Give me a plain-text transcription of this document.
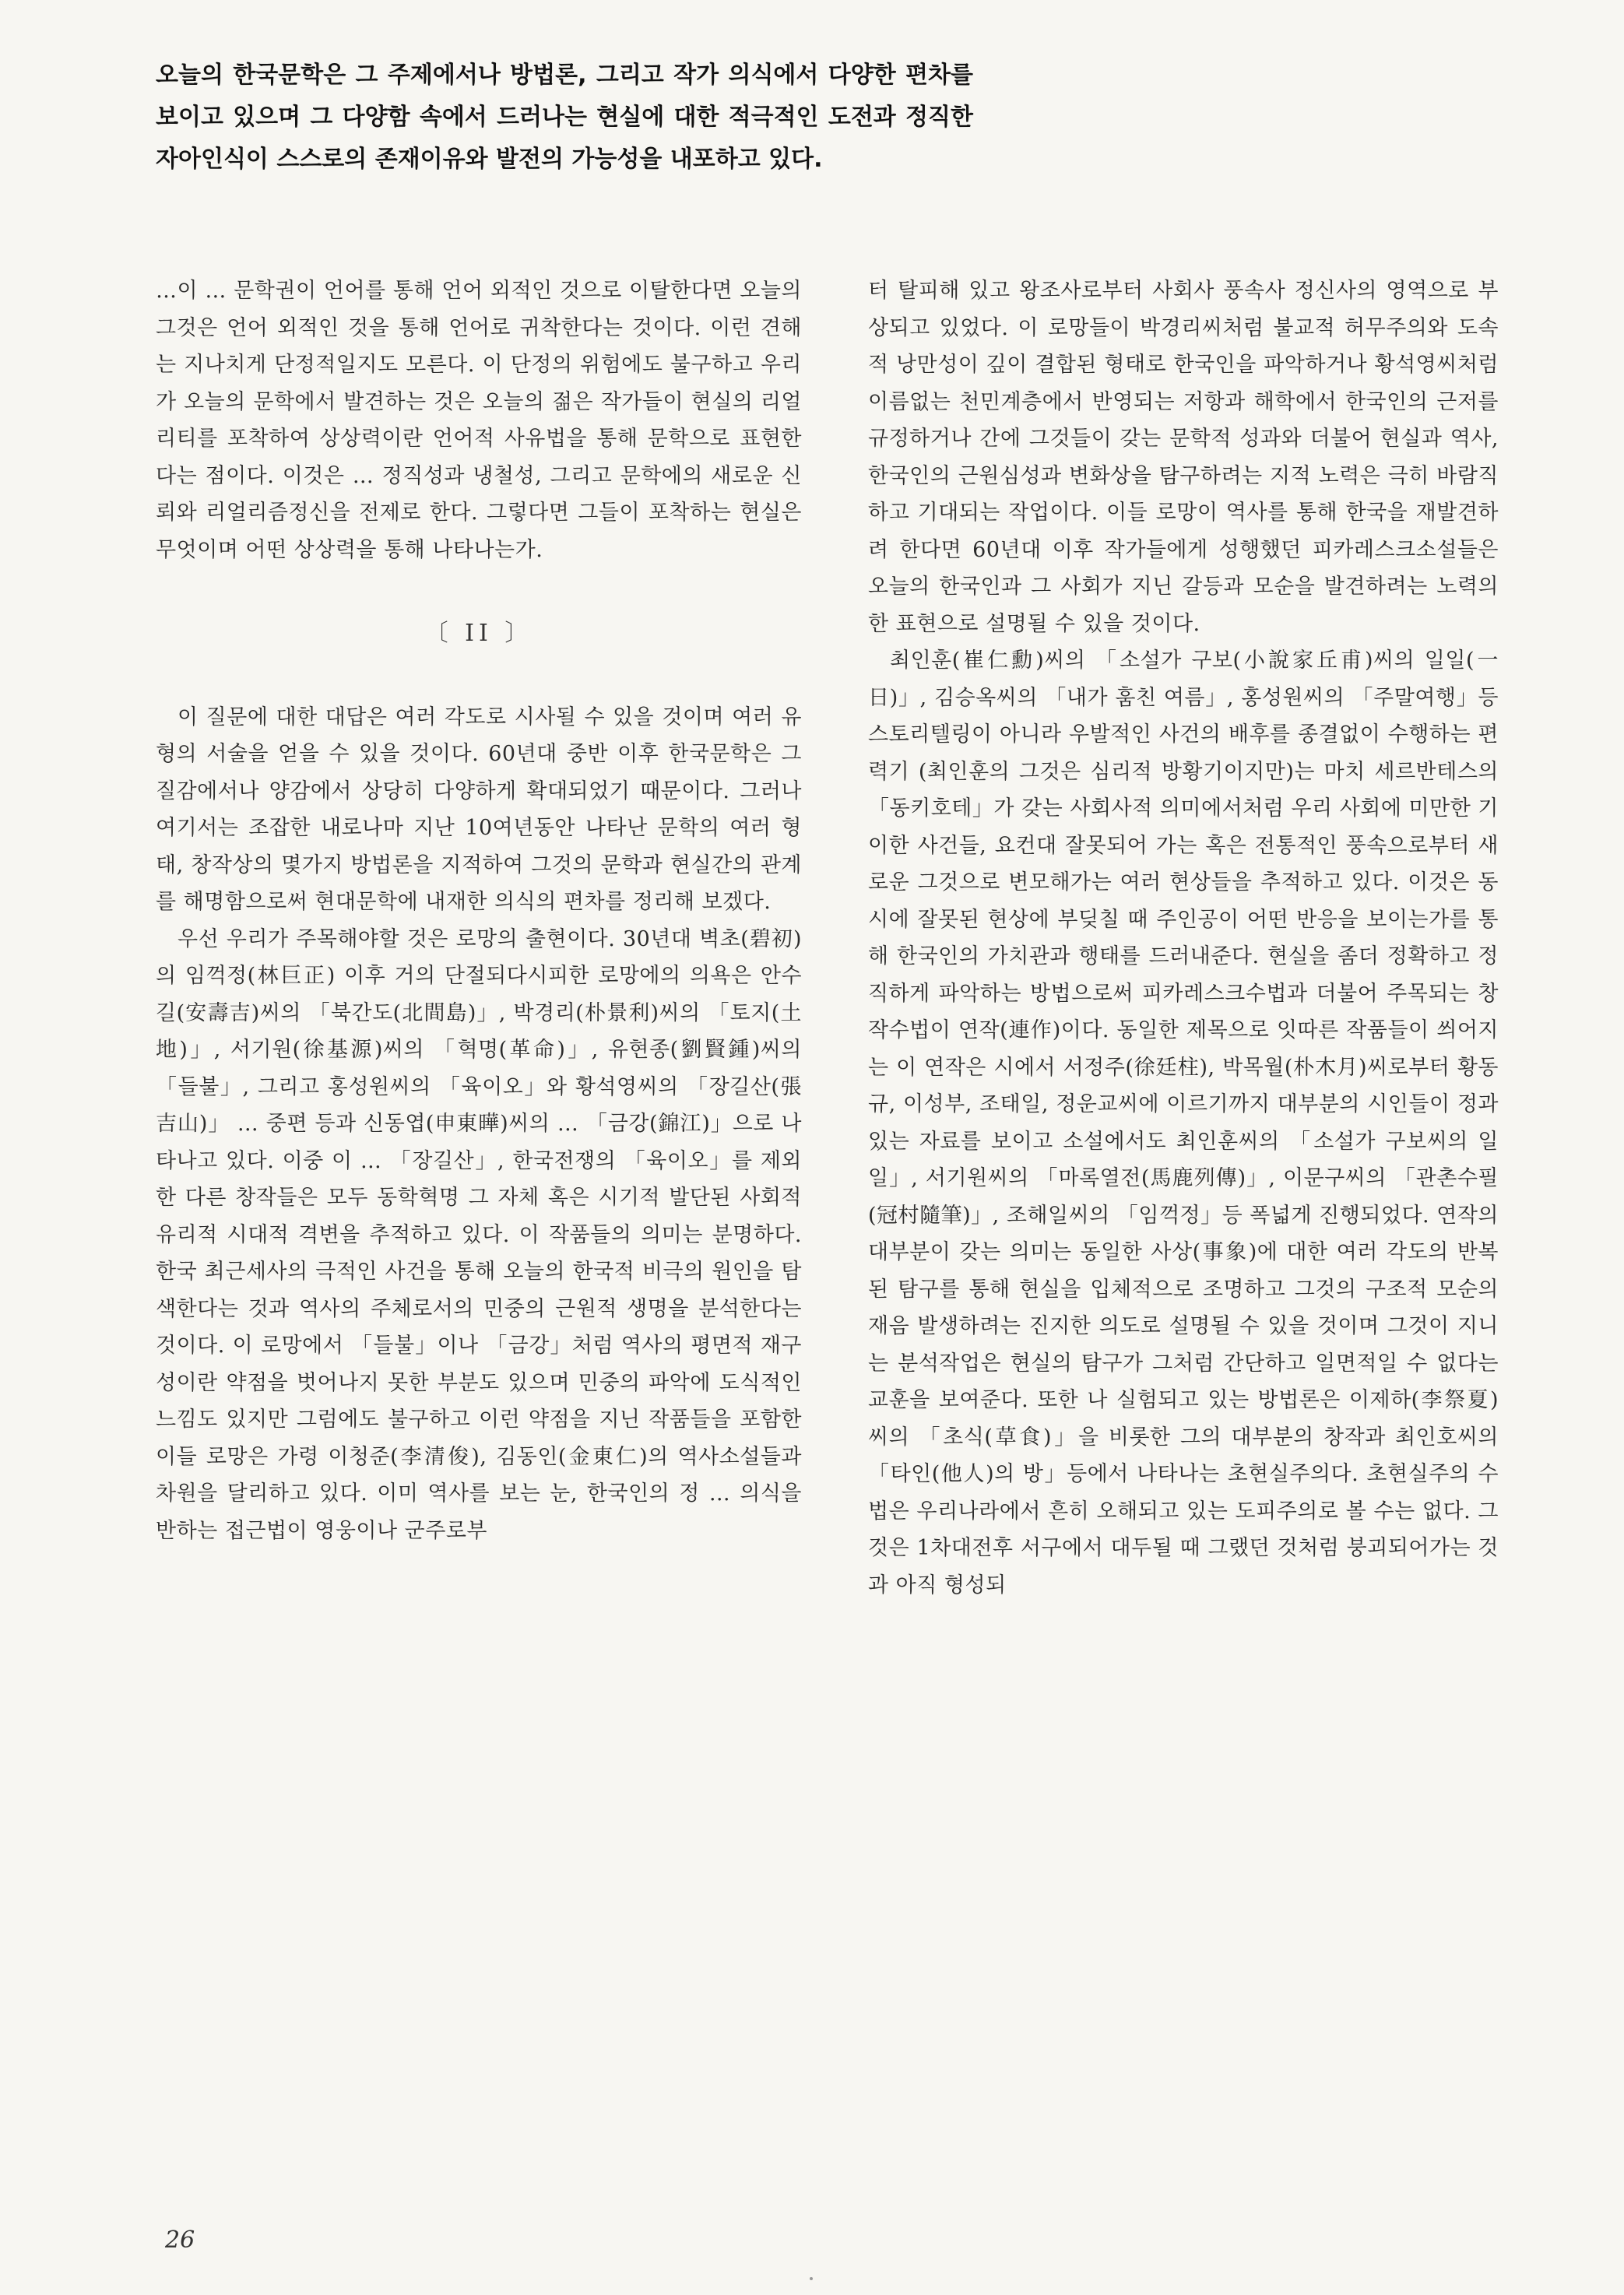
오늘의 한국문학은 그 주제에서나 방법론, 그리고 작가 의식에서 다양한 편차를 보이고 있으며 그 다양함 속에서 드러나는 현실에 대한 적극적인 도전과 정직한 자아인식이 스스로의 존재이유와 발전의 가능성을 내포하고 있다.

…이 … 문학권이 언어를 통해 언어 외적인 것으로 이탈한다면 오늘의 그것은 언어 외적인 것을 통해 언어로 귀착한다는 것이다. 이런 견해는 지나치게 단정적일지도 모른다. 이 단정의 위험에도 불구하고 우리가 오늘의 문학에서 발견하는 것은 오늘의 젊은 작가들이 현실의 리얼리티를 포착하여 상상력이란 언어적 사유법을 통해 문학으로 표현한다는 점이다. 이것은 … 정직성과 냉철성, 그리고 문학에의 새로운 신뢰와 리얼리즘정신을 전제로 한다. 그렇다면 그들이 포착하는 현실은 무엇이며 어떤 상상력을 통해 나타나는가.

〔 II 〕

이 질문에 대한 대답은 여러 각도로 시사될 수 있을 것이며 여러 유형의 서술을 얻을 수 있을 것이다. 60년대 중반 이후 한국문학은 그 질감에서나 양감에서 상당히 다양하게 확대되었기 때문이다. 그러나 여기서는 조잡한 내로나마 지난 10여년동안 나타난 문학의 여러 형태, 창작상의 몇가지 방법론을 지적하여 그것의 문학과 현실간의 관계를 해명함으로써 현대문학에 내재한 의식의 편차를 정리해 보겠다.

우선 우리가 주목해야할 것은 로망의 출현이다. 30년대 벽초(碧初)의 임꺽정(林巨正) 이후 거의 단절되다시피한 로망에의 의욕은 안수길(安壽吉)씨의 「북간도(北間島)」, 박경리(朴景利)씨의 「토지(土地)」, 서기원(徐基源)씨의 「혁명(革命)」, 유현종(劉賢鍾)씨의 「들불」, 그리고 홍성원씨의 「육이오」와 황석영씨의 「장길산(張吉山)」 … 중편 등과 신동엽(申東曄)씨의 … 「금강(錦江)」으로 나타나고 있다. 이중 이 … 「장길산」, 한국전쟁의 「육이오」를 제외한 다른 창작들은 모두 동학혁명 그 자체 혹은 시기적 발단된 사회적 유리적 시대적 격변을 추적하고 있다. 이 작품들의 의미는 분명하다. 한국 최근세사의 극적인 사건을 통해 오늘의 한국적 비극의 원인을 탐색한다는 것과 역사의 주체로서의 민중의 근원적 생명을 분석한다는 것이다. 이 로망에서 「들불」이나 「금강」처럼 역사의 평면적 재구성이란 약점을 벗어나지 못한 부분도 있으며 민중의 파악에 도식적인 느낌도 있지만 그럼에도 불구하고 이런 약점을 지닌 작품들을 포함한 이들 로망은 가령 이청준(李清俊), 김동인(金東仁)의 역사소설들과 차원을 달리하고 있다. 이미 역사를 보는 눈, 한국인의 정 … 의식을 반하는 접근법이 영웅이나 군주로부

터 탈피해 있고 왕조사로부터 사회사 풍속사 정신사의 영역으로 부상되고 있었다. 이 로망들이 박경리씨처럼 불교적 허무주의와 도속적 낭만성이 깊이 결합된 형태로 한국인을 파악하거나 황석영씨처럼 이름없는 천민계층에서 반영되는 저항과 해학에서 한국인의 근저를 규정하거나 간에 그것들이 갖는 문학적 성과와 더불어 현실과 역사, 한국인의 근원심성과 변화상을 탐구하려는 지적 노력은 극히 바람직하고 기대되는 작업이다. 이들 로망이 역사를 통해 한국을 재발견하려 한다면 60년대 이후 작가들에게 성행했던 피카레스크소설들은 오늘의 한국인과 그 사회가 지닌 갈등과 모순을 발견하려는 노력의 한 표현으로 설명될 수 있을 것이다.

최인훈(崔仁勳)씨의 「소설가 구보(小說家丘甫)씨의 일일(一日)」, 김승옥씨의 「내가 훔친 여름」, 홍성원씨의 「주말여행」등 스토리텔링이 아니라 우발적인 사건의 배후를 종결없이 수행하는 편력기 (최인훈의 그것은 심리적 방황기이지만)는 마치 세르반테스의 「동키호테」가 갖는 사회사적 의미에서처럼 우리 사회에 미만한 기이한 사건들, 요컨대 잘못되어 가는 혹은 전통적인 풍속으로부터 새로운 그것으로 변모해가는 여러 현상들을 추적하고 있다. 이것은 동시에 잘못된 현상에 부딪칠 때 주인공이 어떤 반응을 보이는가를 통해 한국인의 가치관과 행태를 드러내준다. 현실을 좀더 정확하고 정직하게 파악하는 방법으로써 피카레스크수법과 더불어 주목되는 창작수법이 연작(連作)이다. 동일한 제목으로 잇따른 작품들이 씌어지는 이 연작은 시에서 서정주(徐廷柱), 박목월(朴木月)씨로부터 황동규, 이성부, 조태일, 정운교씨에 이르기까지 대부분의 시인들이 정과있는 자료를 보이고 소설에서도 최인훈씨의 「소설가 구보씨의 일일」, 서기원씨의 「마록열전(馬鹿列傳)」, 이문구씨의 「관촌수필(冠村隨筆)」, 조해일씨의 「임꺽정」등 폭넓게 진행되었다. 연작의 대부분이 갖는 의미는 동일한 사상(事象)에 대한 여러 각도의 반복된 탐구를 통해 현실을 입체적으로 조명하고 그것의 구조적 모순의 재음 발생하려는 진지한 의도로 설명될 수 있을 것이며 그것이 지니는 분석작업은 현실의 탐구가 그처럼 간단하고 일면적일 수 없다는 교훈을 보여준다. 또한 나 실험되고 있는 방법론은 이제하(李祭夏)씨의 「초식(草食)」을 비롯한 그의 대부분의 창작과 최인호씨의 「타인(他人)의 방」등에서 나타나는 초현실주의다. 초현실주의 수법은 우리나라에서 흔히 오해되고 있는 도피주의로 볼 수는 없다. 그것은 1차대전후 서구에서 대두될 때 그랬던 것처럼 붕괴되어가는 것과 아직 형성되

26
